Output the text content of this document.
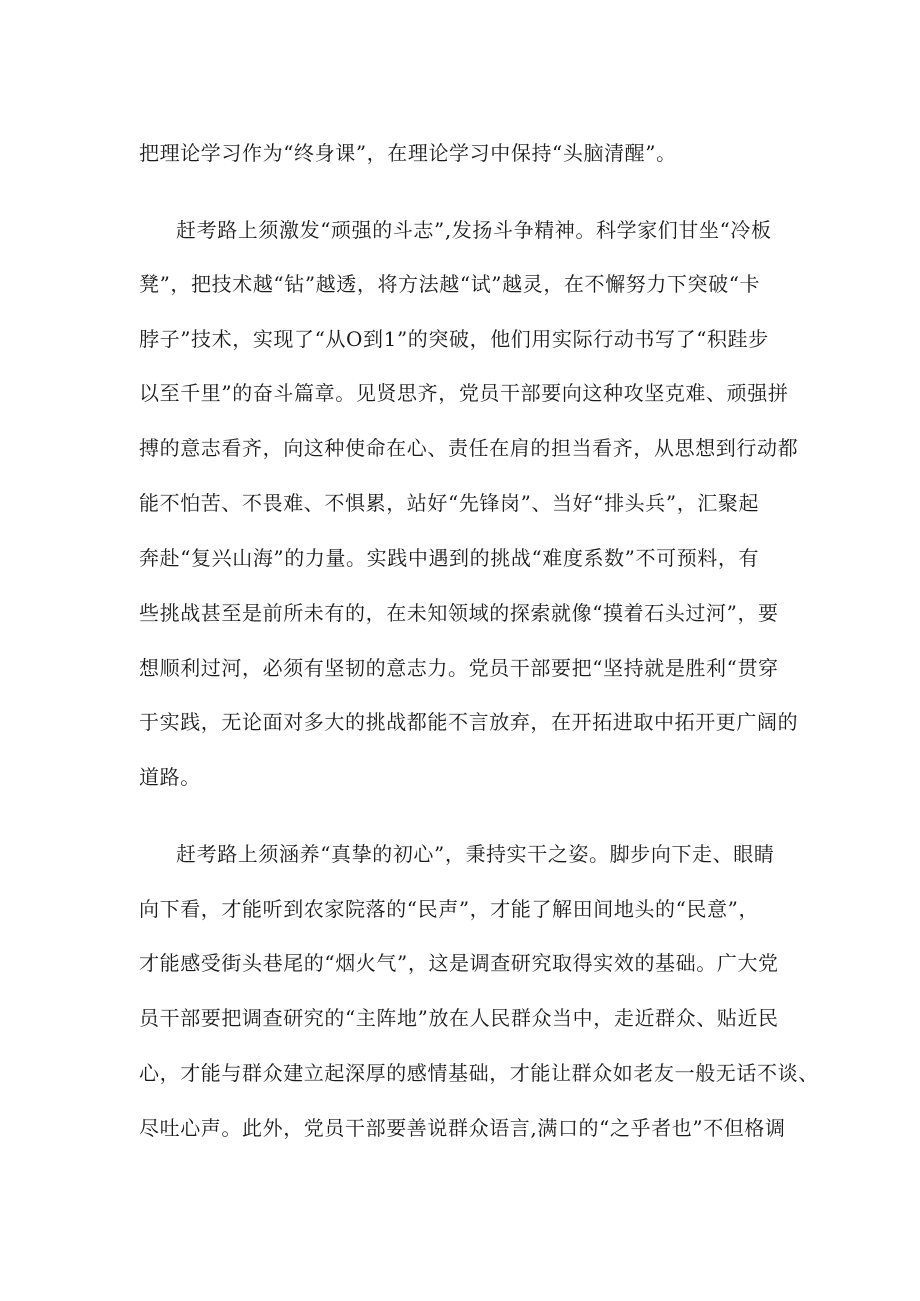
把理论学习作为“终身课”，在理论学习中保持“头脑清醒”。
赶考路上须激发“顽强的斗志”,发扬斗争精神。科学家们甘坐“冷板
凳”，把技术越“钻”越透，将方法越“试”越灵，在不懈努力下突破“卡
脖子”技术，实现了“从O到1”的突破，他们用实际行动书写了“积跬步
以至千里”的奋斗篇章。见贤思齐，党员干部要向这种攻坚克难、顽强拼
搏的意志看齐，向这种使命在心、责任在肩的担当看齐，从思想到行动都
能不怕苦、不畏难、不惧累，站好“先锋岗”、当好“排头兵”，汇聚起
奔赴“复兴山海”的力量。实践中遇到的挑战“难度系数”不可预料，有
些挑战甚至是前所未有的，在未知领域的探索就像“摸着石头过河”，要
想顺利过河，必须有坚韧的意志力。党员干部要把“坚持就是胜利“贯穿
于实践，无论面对多大的挑战都能不言放弃，在开拓进取中拓开更广阔的
道路。
赶考路上须涵养“真挚的初心”，秉持实干之姿。脚步向下走、眼睛
向下看，才能听到农家院落的“民声”，才能了解田间地头的“民意”，
才能感受街头巷尾的“烟火气”，这是调查研究取得实效的基础。广大党
员干部要把调查研究的“主阵地”放在人民群众当中，走近群众、贴近民
心，才能与群众建立起深厚的感情基础，才能让群众如老友一般无话不谈、
尽吐心声。此外，党员干部要善说群众语言,满口的“之乎者也”不但格调
